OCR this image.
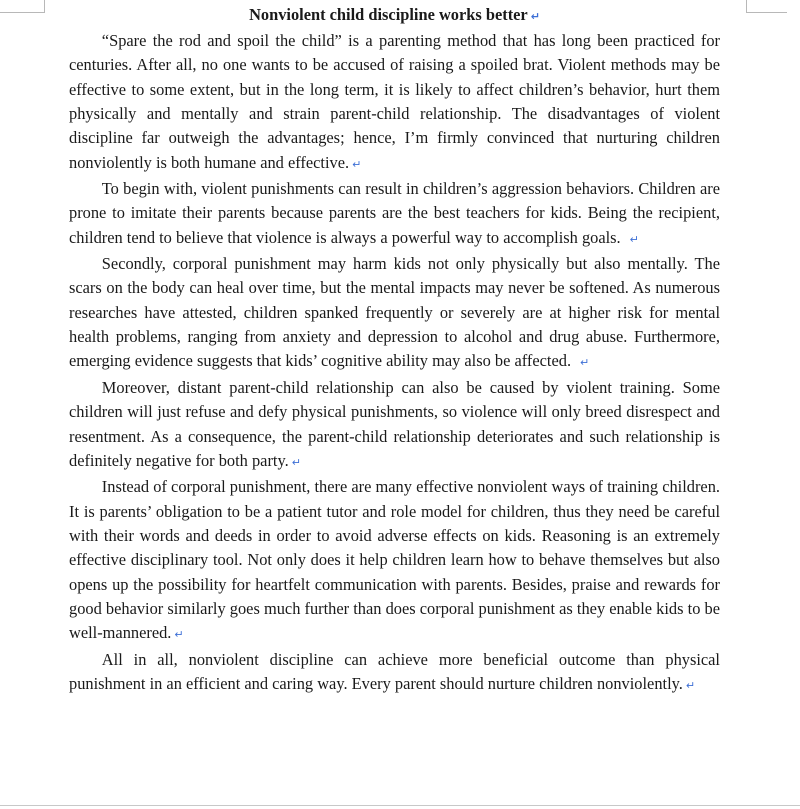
Nonviolent child discipline works better ↵

“Spare the rod and spoil the child” is a parenting method that has long been practiced for centuries. After all, no one wants to be accused of raising a spoiled brat. Violent methods may be effective to some extent, but in the long term, it is likely to affect children’s behavior, hurt them physically and mentally and strain parent-child relationship. The disadvantages of violent discipline far outweigh the advantages; hence, I’m firmly convinced that nurturing children nonviolently is both humane and effective. ↵

To begin with, violent punishments can result in children’s aggression behaviors. Children are prone to imitate their parents because parents are the best teachers for kids. Being the recipient, children tend to believe that violence is always a powerful way to accomplish goals. ↵

Secondly, corporal punishment may harm kids not only physically but also mentally. The scars on the body can heal over time, but the mental impacts may never be softened. As numerous researches have attested, children spanked frequently or severely are at higher risk for mental health problems, ranging from anxiety and depression to alcohol and drug abuse. Furthermore, emerging evidence suggests that kids’ cognitive ability may also be affected. ↵

Moreover, distant parent-child relationship can also be caused by violent training. Some children will just refuse and defy physical punishments, so violence will only breed disrespect and resentment. As a consequence, the parent-child relationship deteriorates and such relationship is definitely negative for both party. ↵

Instead of corporal punishment, there are many effective nonviolent ways of training children. It is parents’ obligation to be a patient tutor and role model for children, thus they need be careful with their words and deeds in order to avoid adverse effects on kids. Reasoning is an extremely effective disciplinary tool. Not only does it help children learn how to behave themselves but also opens up the possibility for heartfelt communication with parents. Besides, praise and rewards for good behavior similarly goes much further than does corporal punishment as they enable kids to be well-mannered. ↵

All in all, nonviolent discipline can achieve more beneficial outcome than physical punishment in an efficient and caring way. Every parent should nurture children nonviolently. ↵
